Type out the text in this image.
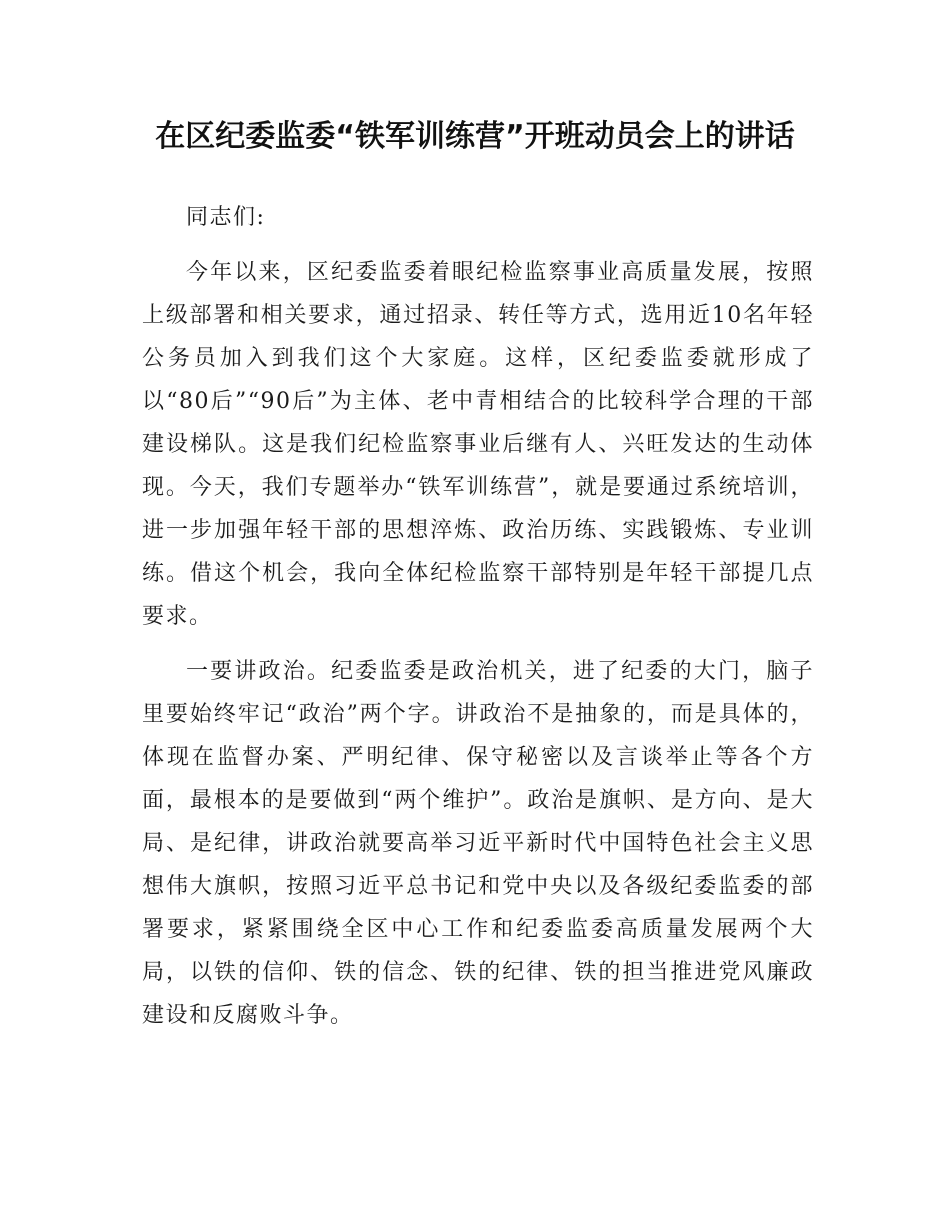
在区纪委监委“铁军训练营”开班动员会上的讲话

同志们:

今年以来，区纪委监委着眼纪检监察事业高质量发展，按照上级部署和相关要求，通过招录、转任等方式，选用近10名年轻公务员加入到我们这个大家庭。这样，区纪委监委就形成了以“80后”“90后”为主体、老中青相结合的比较科学合理的干部建设梯队。这是我们纪检监察事业后继有人、兴旺发达的生动体现。今天，我们专题举办“铁军训练营”，就是要通过系统培训，进一步加强年轻干部的思想淬炼、政治历练、实践锻炼、专业训练。借这个机会，我向全体纪检监察干部特别是年轻干部提几点要求。

一要讲政治。纪委监委是政治机关，进了纪委的大门，脑子里要始终牢记“政治”两个字。讲政治不是抽象的，而是具体的，体现在监督办案、严明纪律、保守秘密以及言谈举止等各个方面，最根本的是要做到“两个维护”。政治是旗帜、是方向、是大局、是纪律，讲政治就要高举习近平新时代中国特色社会主义思想伟大旗帜，按照习近平总书记和党中央以及各级纪委监委的部署要求，紧紧围绕全区中心工作和纪委监委高质量发展两个大局，以铁的信仰、铁的信念、铁的纪律、铁的担当推进党风廉政建设和反腐败斗争。
